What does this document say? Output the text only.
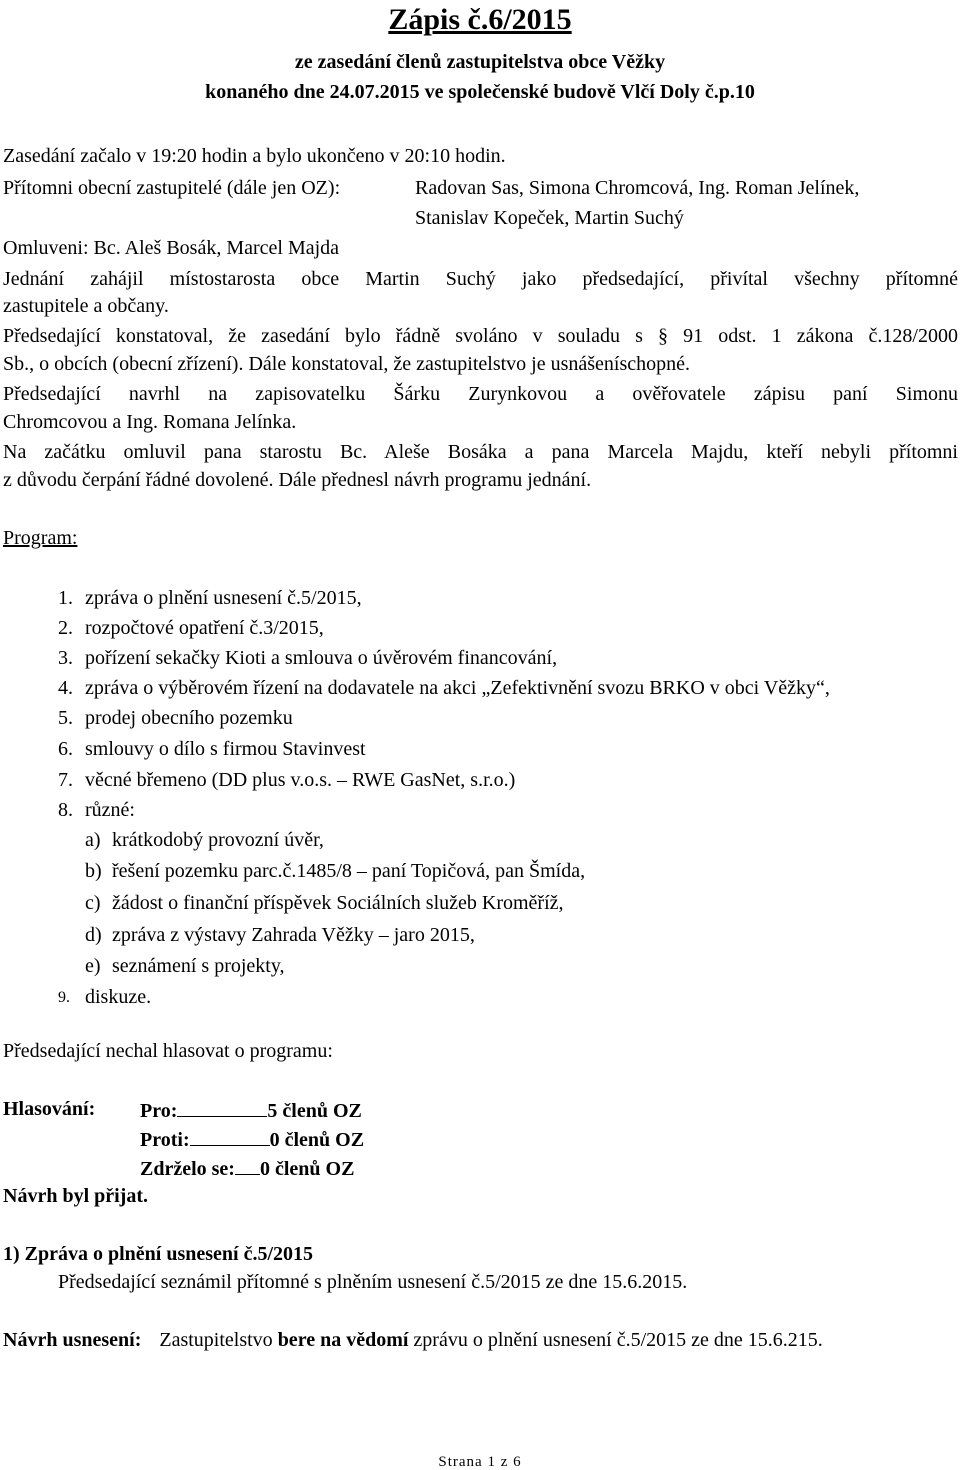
Zápis č.6/2015
ze zasedání členů zastupitelstva obce Věžky
konaného dne 24.07.2015 ve společenské budově Vlčí Doly č.p.10
Zasedání začalo v 19:20 hodin a bylo ukončeno v 20:10 hodin.
Přítomni obecní zastupitelé (dále jen OZ):	Radovan Sas, Simona Chromcová, Ing. Roman Jelínek,
Stanislav Kopeček, Martin Suchý
Omluveni: Bc. Aleš Bosák, Marcel Majda
Jednání zahájil místostarosta obce Martin Suchý jako předsedající, přivítal všechny přítomné
zastupitele a občany.
Předsedající konstatoval, že zasedání bylo řádně svoláno v souladu s § 91 odst. 1 zákona č.128/2000
Sb., o obcích (obecní zřízení). Dále konstatoval, že zastupitelstvo je usnášeníschopné.
Předsedající navrhl na zapisovatelku Šárku Zurynkovou a ověřovatele zápisu paní Simonu
Chromcovou a Ing. Romana Jelínka.
Na začátku omluvil pana starostu Bc. Aleše Bosáka a pana Marcela Majdu, kteří nebyli přítomni
z důvodu čerpání řádné dovolené. Dále přednesl návrh programu jednání.
Program:
1. zpráva o plnění usnesení č.5/2015,
2. rozpočtové opatření č.3/2015,
3. pořízení sekačky Kioti a smlouva o úvěrovém financování,
4. zpráva o výběrovém řízení na dodavatele na akci „Zefektivnění svozu BRKO v obci Věžky“,
5. prodej obecního pozemku
6. smlouvy o dílo s firmou Stavinvest
7. věcné břemeno (DD plus v.o.s. – RWE GasNet, s.r.o.)
8. různé:
a) krátkodobý provozní úvěr,
b) řešení pozemku parc.č.1485/8 – paní Topičová, pan Šmída,
c) žádost o finanční příspěvek Sociálních služeb Kroměříž,
d) zpráva z výstavy Zahrada Věžky – jaro 2015,
e) seznámení s projekty,
9. diskuze.
Předsedající nechal hlasovat o programu:
Hlasování: Pro:	5 členů OZ
Proti:	0 členů OZ
Zdrželo se: 0 členů OZ
Návrh byl přijat.
1) Zpráva o plnění usnesení č.5/2015
Předsedající seznámil přítomné s plněním usnesení č.5/2015 ze dne 15.6.2015.
Návrh usnesení: Zastupitelstvo bere na vědomí zprávu o plnění usnesení č.5/2015 ze dne 15.6.215.
Strana 1 z 6
